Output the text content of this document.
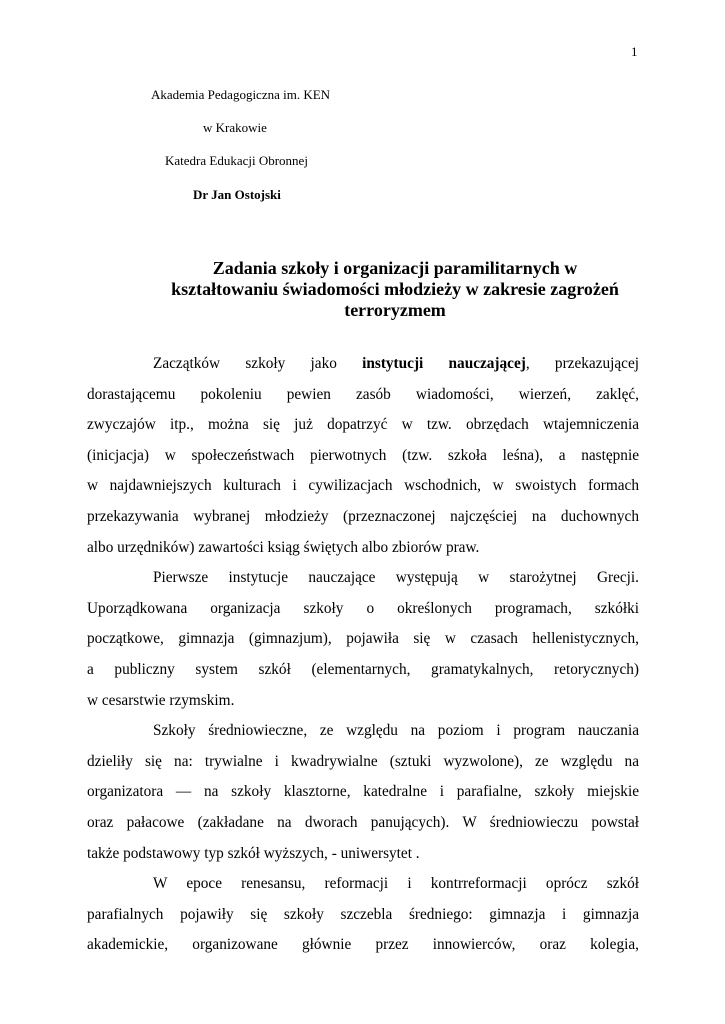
1
Akademia Pedagogiczna im. KEN
w Krakowie
Katedra Edukacji Obronnej
Dr Jan Ostojski
Zadania szkoły i organizacji paramilitarnych w
kształtowaniu świadomości młodzieży w zakresie zagrożeń
terroryzmem
Zaczątków szkoły jako instytucji nauczającej, przekazującej
dorastającemu pokoleniu pewien zasób wiadomości, wierzeń, zaklęć,
zwyczajów itp., można się już dopatrzyć w tzw. obrzędach wtajemniczenia
(inicjacja) w społeczeństwach pierwotnych (tzw. szkoła leśna), a następnie
w najdawniejszych kulturach i cywilizacjach wschodnich, w swoistych formach
przekazywania wybranej młodzieży (przeznaczonej najczęściej na duchownych
albo urzędników) zawartości ksiąg świętych albo zbiorów praw.
Pierwsze instytucje nauczające występują w starożytnej Grecji.
Uporządkowana organizacja szkoły o określonych programach, szkółki
początkowe, gimnazja (gimnazjum), pojawiła się w czasach hellenistycznych,
a publiczny system szkół (elementarnych, gramatykalnych, retorycznych)
w cesarstwie rzymskim.
Szkoły średniowieczne, ze względu na poziom i program nauczania
dzieliły się na: trywialne i kwadrywialne (sztuki wyzwolone), ze względu na
organizatora — na szkoły klasztorne, katedralne i parafialne, szkoły miejskie
oraz pałacowe (zakładane na dworach panujących). W średniowieczu powstał
także podstawowy typ szkół wyższych, - uniwersytet .
W epoce renesansu, reformacji i kontrreformacji oprócz szkół
parafialnych pojawiły się szkoły szczebla średniego: gimnazja i gimnazja
akademickie, organizowane głównie przez innowierców, oraz kolegia,
